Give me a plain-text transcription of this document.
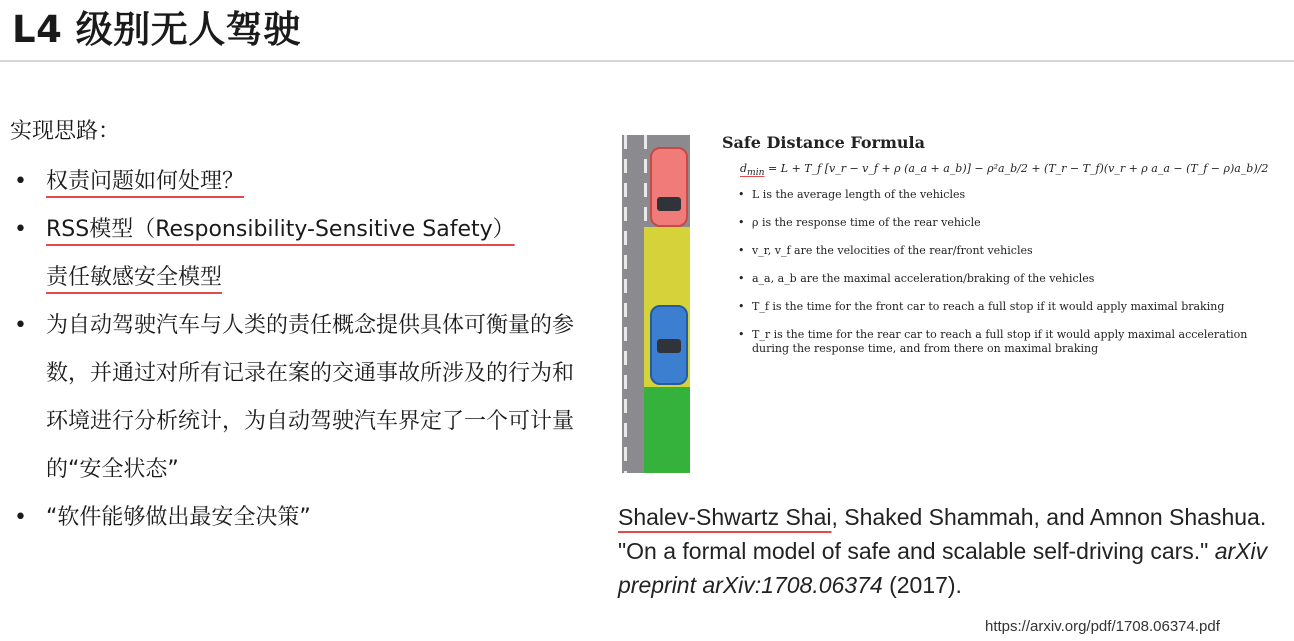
L4 级别无人驾驶
实现思路：
• 权责问题如何处理？
• RSS模型（Responsibility-Sensitive Safety）
责任敏感安全模型
• 为自动驾驶汽车与人类的责任概念提供具体可衡量的参数，并通过对所有记录在案的交通事故所涉及的行为和环境进行分析统计，为自动驾驶汽车界定了一个可计量的“安全状态”
• “软件能够做出最安全决策”
Safe Distance Formula
$d_{min} = L$ + T_f [v_r − v_f + ρ (a_a + a_b)] − ρ²a_b/2 + (T_r − T_f)(v_r + ρ a_a − (T_f − ρ)a_b)/2
• L is the average length of the vehicles
• ρ is the response time of the rear vehicle
• v_r, v_f are the velocities of the rear/front vehicles
• a_a, a_b are the maximal acceleration/braking of the vehicles
• T_f is the time for the front car to reach a full stop if it would apply maximal braking
• T_r is the time for the rear car to reach a full stop if it would apply maximal acceleration during the response time, and from there on maximal braking
Shalev-Shwartz Shai, Shaked Shammah, and Amnon Shashua. "On a formal model of safe and scalable self-driving cars." arXiv preprint arXiv:1708.06374 (2017).
https://arxiv.org/pdf/1708.06374.pdf
